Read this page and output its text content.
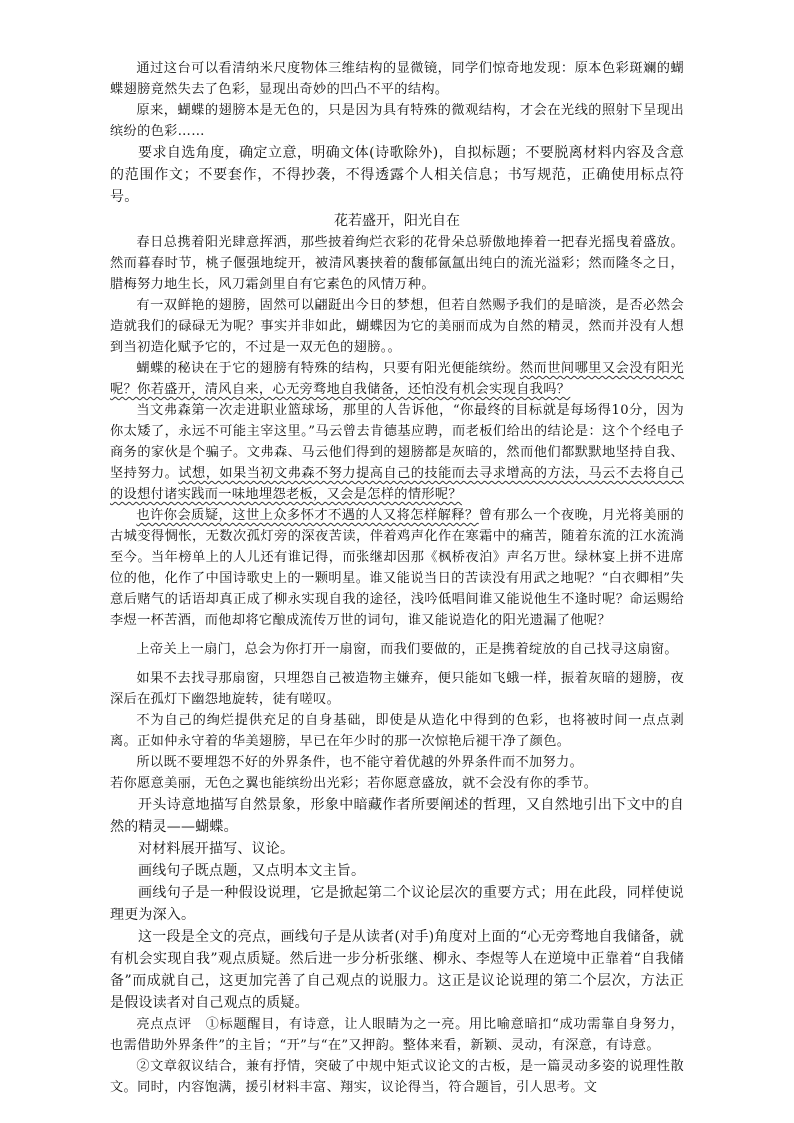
通过这台可以看清纳米尺度物体三维结构的显微镜，同学们惊奇地发现：原本色彩斑斓的蝴蝶翅膀竟然失去了色彩，显现出奇妙的凹凸不平的结构。

原来，蝴蝶的翅膀本是无色的，只是因为具有特殊的微观结构，才会在光线的照射下呈现出缤纷的色彩……

要求自选角度，确定立意，明确文体(诗歌除外)，自拟标题；不要脱离材料内容及含意的范围作文；不要套作，不得抄袭，不得透露个人相关信息；书写规范，正确使用标点符号。

花若盛开，阳光自在

春日总携着阳光肆意挥洒，那些披着绚烂衣彩的花骨朵总骄傲地捧着一把春光摇曳着盛放。然而暮春时节，桃子偃强地绽开，被清风裹挟着的馥郁氤氲出纯白的流光溢彩；然而隆冬之日，腊梅努力地生长，风刀霜剑里自有它素色的风情万种。

有一双鲜艳的翅膀，固然可以翩跹出今日的梦想，但若自然赐予我们的是暗淡，是否必然会造就我们的碌碌无为呢？事实并非如此，蝴蝶因为它的美丽而成为自然的精灵，然而并没有人想到当初造化赋予它的，不过是一双无色的翅膀。。

蝴蝶的秘诀在于它的翅膀有特殊的结构，只要有阳光便能缤纷。然而世间哪里又会没有阳光呢？你若盛开，清风自来，心无旁骛地自我储备，还怕没有机会实现自我吗？

当文弗森第一次走进职业篮球场，那里的人告诉他，“你最终的目标就是每场得10分，因为你太矮了，永远不可能主宰这里。”马云曾去肯德基应聘，而老板们给出的结论是：这个个经电子商务的家伙是个骗子。文弗森、马云他们得到的翅膀都是灰暗的，然而他们都默默地坚持自我、坚持努力。试想，如果当初文弗森不努力提高自己的技能而去寻求增高的方法，马云不去将自己的设想付诸实践而一味地埋怨老板，又会是怎样的情形呢？

也许你会质疑，这世上众多怀才不遇的人又将怎样解释？曾有那么一个夜晚，月光将美丽的古城变得惆怅，无数次孤灯旁的深夜苦读，伴着鸡声化作在寒霜中的痛苦，随着东流的江水流淌至今。当年榜单上的人儿还有谁记得，而张继却因那《枫桥夜泊》声名万世。绿林宴上拼不进席位的他，化作了中国诗歌史上的一颗明星。谁又能说当日的苦读没有用武之地呢？“白衣卿相”失意后赌气的话语却真正成了柳永实现自我的途径，浅吟低唱间谁又能说他生不逢时呢？命运赐给李煜一杯苦酒，而他却将它酿成流传万世的词句，谁又能说造化的阳光遗漏了他呢？

上帝关上一扇门，总会为你打开一扇窗，而我们要做的，正是携着绽放的自己找寻这扇窗。

如果不去找寻那扇窗，只埋怨自己被造物主嫌弃，便只能如飞蛾一样，振着灰暗的翅膀，夜深后在孤灯下幽怨地旋转，徒有嗟叹。

不为自己的绚烂提供充足的自身基础，即使是从造化中得到的色彩，也将被时间一点点剥离。正如仲永守着的华美翅膀，早已在年少时的那一次惊艳后褪干净了颜色。

所以既不要埋怨不好的外界条件，也不能守着优越的外界条件而不加努力。

若你愿意美丽，无色之翼也能缤纷出光彩；若你愿意盛放，就不会没有你的季节。

开头诗意地描写自然景象，形象中暗藏作者所要阐述的哲理，又自然地引出下文中的自然的精灵——蝴蝶。

对材料展开描写、议论。

画线句子既点题，又点明本文主旨。

画线句子是一种假设说理，它是掀起第二个议论层次的重要方式；用在此段，同样使说理更为深入。

这一段是全文的亮点，画线句子是从读者(对手)角度对上面的“心无旁骛地自我储备，就有机会实现自我”观点质疑。然后进一步分析张继、柳永、李煜等人在逆境中正靠着“自我储备”而成就自己，这更加完善了自己观点的说服力。这正是议论说理的第二个层次，方法正是假设读者对自己观点的质疑。

亮点点评　①标题醒目，有诗意，让人眼睛为之一亮。用比喻意暗扣“成功需靠自身努力，也需借助外界条件”的主旨；“开”与“在”又押韵。整体来看，新颖、灵动，有深意，有诗意。

②文章叙议结合，兼有抒情，突破了中规中矩式议论文的古板，是一篇灵动多姿的说理性散文。同时，内容饱满，援引材料丰富、翔实，议论得当，符合题旨，引人思考。文
